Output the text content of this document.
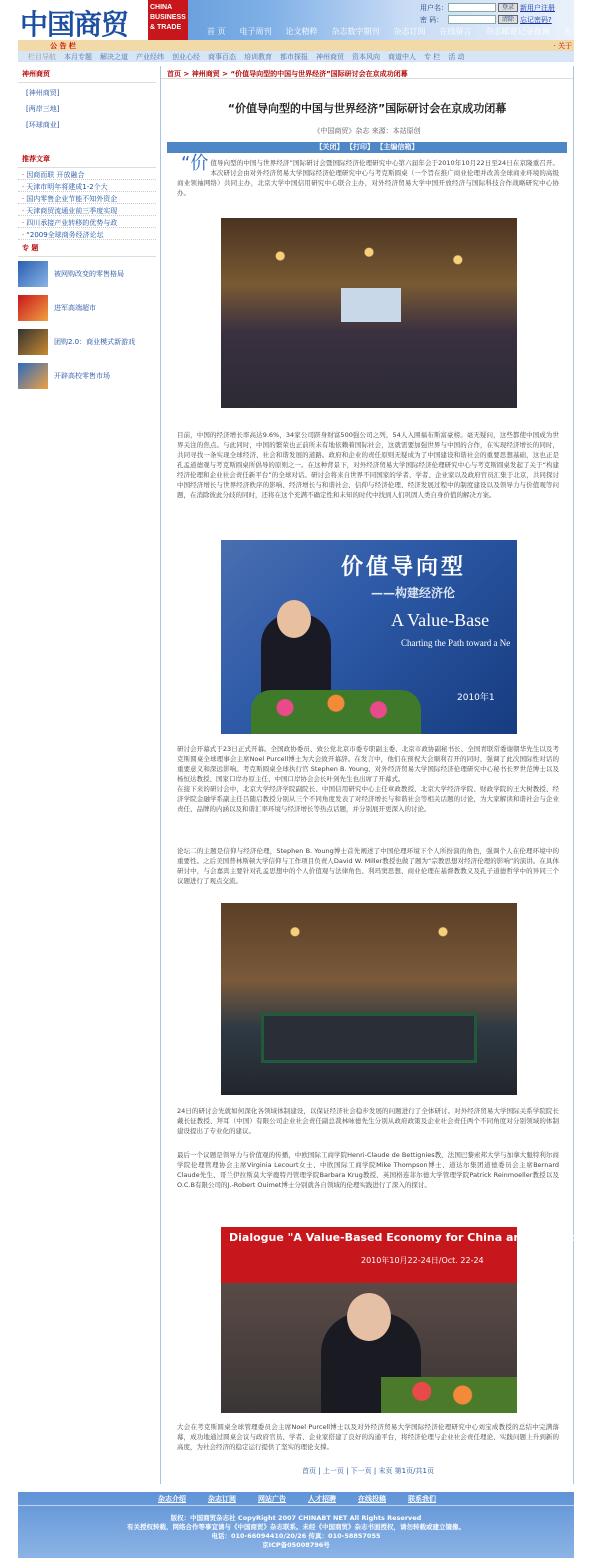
中国商贸
CHINA
BUSINESS
& TRADE	首 页	电子周刊	论文精粹	杂志数字期刊	杂志订阅	在线留言	杂志邮寄记录查询	关于我们
用户名：	登录 新用户注册
密 码：	清除 忘记密码?
公 告 栏	· 关于
栏目导航	本月专题	解决之道	产业经纬	创业心经	商事百态	培训教育	都市探报	神州商贸	资本风向	商道中人	专 栏	活 动
神州商贸
[神州商贸]
[两岸三地]
[环球商业]
推荐文章
· 因商而联 开放融合
· 天津市明年将建成1-2个大
· 国内零售企业节能不知外资企
· 天津商贸流通业前三季度实现
· 四川承接产业转移的优势与政
· “2009全球商务经济论坛
专 题
被网购改变的零售格局
进军高端超市
团购2.0：商业模式新游戏
开辟高校零售市场
首页 > 神州商贸 > “价值导向型的中国与世界经济”国际研讨会在京成功闭幕
“价值导向型的中国与世界经济”国际研讨会在京成功闭幕
《中国商贸》杂志 来源：本站原创
【关闭】 【打印】 【主编信箱】
“价值导向型的中国与世界经济”国际研讨会暨国际经济伦理研究中心第六届年会于2010年10月22日至24日在京隆重召开。本次研讨会由对外经济贸易大学国际经济伦理研究中心与考克斯圆桌（一个旨在推广商业伦理并改善全球商业环境的高级商业领袖网络）共同主办，北京大学中国信用研究中心联合主办，对外经济贸易大学中国开放经济与国际科技合作战略研究中心协办。
目前，中国的经济增长率高达9.6%，34家公司跻身财富500强公司之列，54人入围福布斯富豪榜。毫无疑问，这些都使中国成为世界关注的焦点。与此同时，中国的繁荣也正前所未有地依赖着国际社会，这就需要加强世界与中国的合作，在实现经济增长的同时，共同寻找一条实现全球经济、社会和谐发展的道路。政府和企业的责任原则无疑成为了中国建设和谐社会的重要思想基础，这也正是孔孟道德观与考克斯圆桌所倡导的原则之一。在这种背景下，对外经济贸易大学国际经济伦理研究中心与考克斯圆桌发起了关于“构建经济伦理和企业社会责任新平台”的全球对话。研讨会将来自世界不同国家的学者、学者、企业家以及政府官员汇集于北京，共同探讨中国经济增长与世界经济秩序的影响、经济增长与和谐社会、信仰与经济伦理、经济发展过程中的制度建设以及领导力与价值观等问题，在消除彼此分歧的同时，还将在这个充满不确定性和未知的时代中找到人们巩固人类自身价值的解决方案。
价值导向型
——构建经济伦
A Value-Base
Charting the Path toward a Ne
2010年1
研讨会开幕式于23日正式开幕。全国政协委员、致公党北京市委专职副主委、北京市政协副秘书长、全国青联常委谢朝华先生以及考克斯圆桌全球理事会主席Noel Purcell博士为大会致开幕辞。在发言中，他们在预祝大会顺利召开的同时，强调了此次国际性对话的重要意义和深远影响。考克斯圆桌全球执行官 Stephen B. Young、对外经济贸易大学国际经济伦理研究中心秘书长罗世范博士以及杨恒达教授、国家口岸办原主任、中国口岸协会会长叶剑先生也出席了开幕式。
在接下来的研讨会中，北京大学经济学院副院长、中国信用研究中心主任章政教授、北京大学经济学院、财政学院的王大树教授、经济学院金融学系副主任吕随启教授分别从三个不同角度发表了对经济增长与和谐社会等相关话题的讨论，为大家解读和谐社会与企业责任、品牌的内涵以及和谐汇率环境与经济增长等热点话题，并分别展开更深入的讨论。
论坛二的主题是信仰与经济伦理，Stephen B. Young博士首先阐述了中国伦理环境下个人所扮演的角色，强调个人在伦理环境中的重要性。之后美国普林斯顿大学信仰与工作项目负责人David W. Miller教授也做了题为“宗教思想对经济伦理的影响”的演讲。在具体研讨中，与会嘉宾主要针对孔孟思想中的个人价值观与法律角色、利玛窦思想、商业伦理在基督教教义及孔子道德哲学中的异同三个议题进行了观点交流。
24日的研讨会先就如何深化各领域体制建设，以保证经济社会稳步发展的问题进行了全体研讨。对外经济贸易大学国际关系学院院长戴长征教授、拜耳（中国）有限公司企业社会责任副总裁林咏德先生分别从政府政策及企业社会责任两个不同角度对分别领域的体制建设提出了专业化的建议。
最后一个议题是领导力与价值观的传播，中欧国际工商学院Henri-Claude de Bettignies教、法国巴黎索邦大学与加拿大魁特利尔商学院伦理管理协会主席Virginia Lecourt女士、中欧国际工商学院Mike Thompson博士、道达尔集团道德委员会主席Bernard Claude先生、哥兰伊拉斯莫大学鹿特丹管理学院Barbara Krug教授、英国格连菲尔德大学管理学院Patrick Reinmoeller教授以及O.C.B有限公司的J.-Robert Ouimet博士分别就各自领域的伦理实践进行了深入的探讨。
Dialogue "A Value-Based Economy for China and the Wo
2010年10月22-24日/Oct. 22-24
大会在考克斯圆桌全球管理委员会主席Noel Purcell博士以及对外经济贸易大学国际经济伦理研究中心刘宝成教授的总结中完满落幕，成功地通过圆桌会议与政府官员、学者、企业家搭建了良好的沟通平台，将经济伦理与企业社会责任理论、实践问题上升到新的高度，为社会经济的稳定运行提供了坚实的理论支撑。
首页 | 上一页 | 下一页 | 末页 第1页/共1页
杂志介绍	杂志订阅	网站广告	人才招聘	在线投稿	联系我们
版权：中国商贸杂志社 CopyRight 2007 CHINABT NET All Rights Reserved
有关授权转载、网络合作等事宜请与《中国商贸》杂志联系。未经《中国商贸》杂志书面授权，请勿转载或建立镜像。
电话：010-66094410/20/26 传真：010-58857055
京ICP备05008796号
